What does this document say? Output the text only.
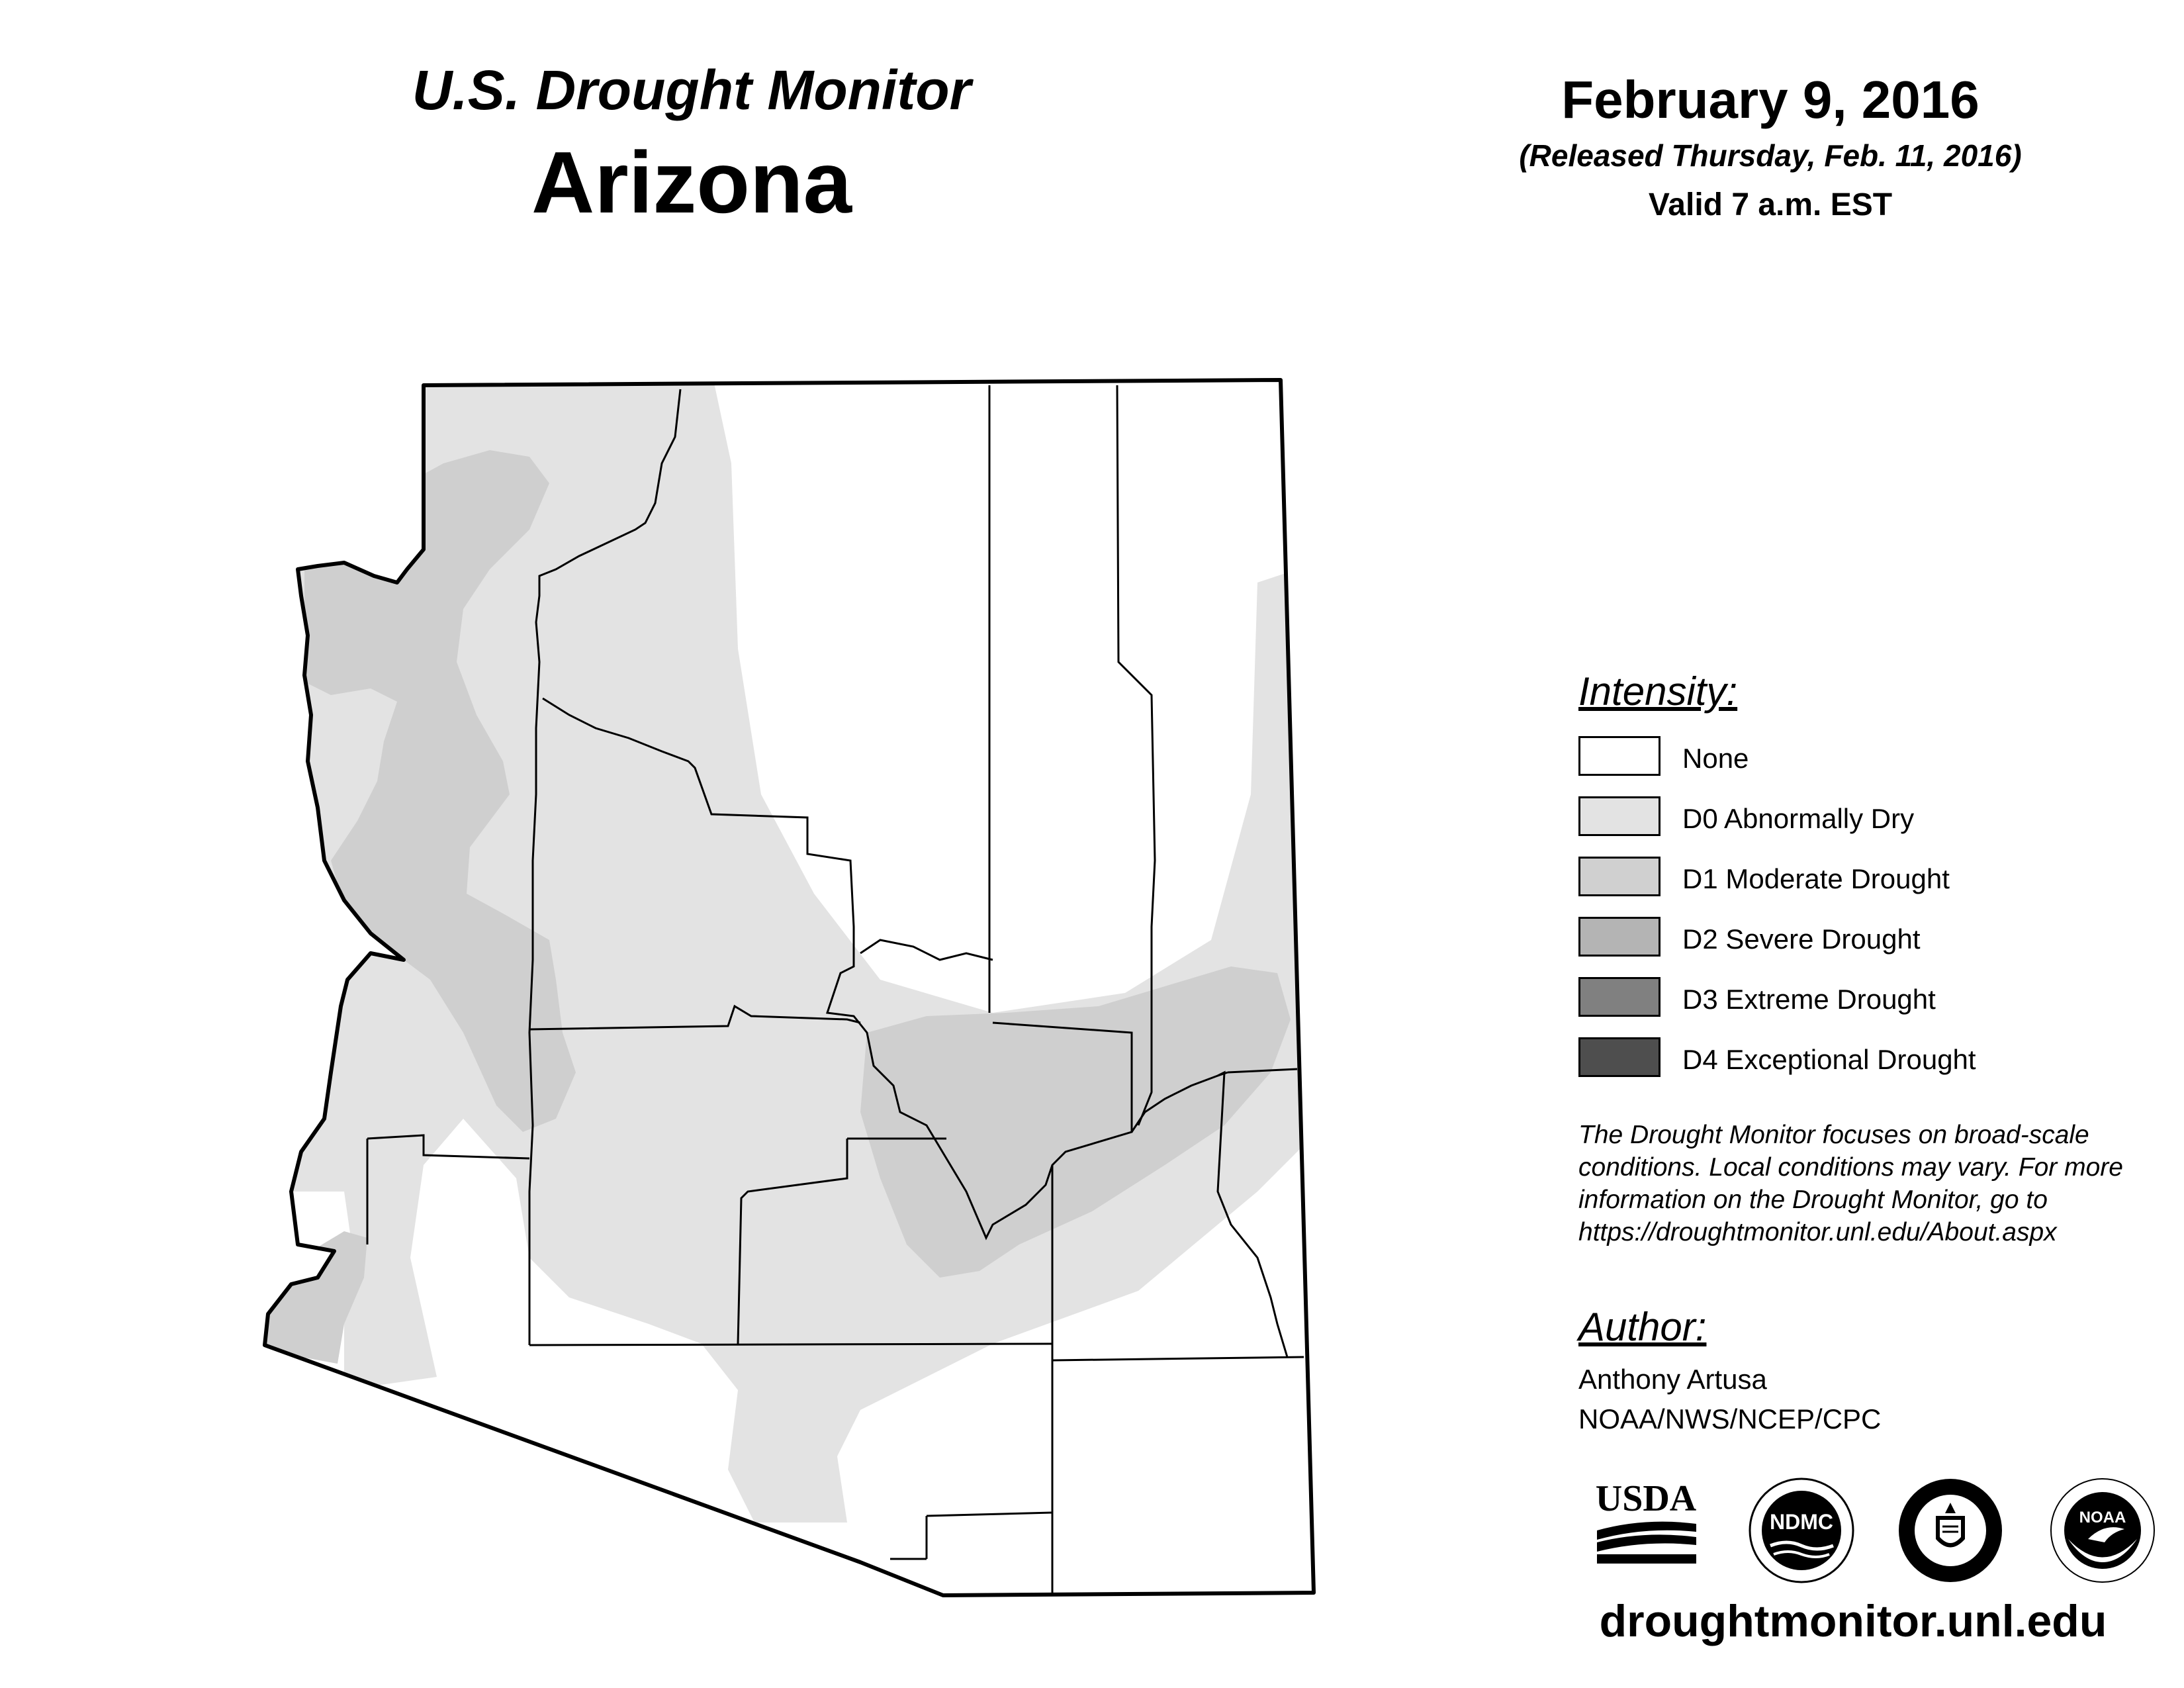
U.S. Drought Monitor
Arizona
February 9, 2016
(Released Thursday, Feb. 11, 2016)
Valid 7 a.m. EST
Intensity:
None
D0 Abnormally Dry
D1 Moderate Drought
D2 Severe Drought
D3 Extreme Drought
D4 Exceptional Drought
The Drought Monitor focuses on broad-scale
conditions. Local conditions may vary. For more
information on the Drought Monitor, go to
https://droughtmonitor.unl.edu/About.aspx
Author:
Anthony Artusa
NOAA/NWS/NCEP/CPC
USDA
NDMC	NOAA
droughtmonitor.unl.edu
